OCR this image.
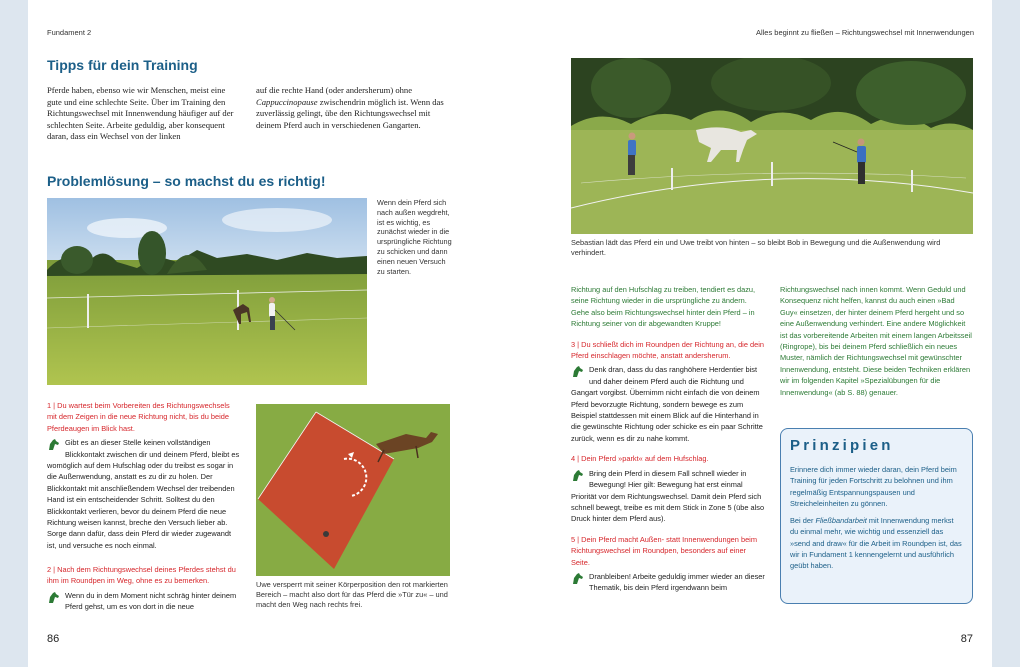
Fundament 2
Tipps für dein Training
Pferde haben, ebenso wie wir Menschen, meist eine gute und eine schlechte Seite. Über im Training den Richtungswechsel mit Innenwendung häufiger auf der schlechten Seite. Arbeite geduldig, aber konsequent daran, dass ein Wechsel von der linken
auf die rechte Hand (oder andersherum) ohne Cappuccinopause zwischendrin möglich ist. Wenn das zuverlässig gelingt, übe den Richtungswechsel mit deinem Pferd auch in verschiedenen Gangarten.
Problemlösung – so machst du es richtig!
Wenn dein Pferd sich nach außen wegdreht, ist es wichtig, es zunächst wieder in die ursprüngliche Richtung zu schicken und dann einen neuen Versuch zu starten.

1 | Du wartest beim Vorbereiten des Richtungswechsels mit dem Zeigen in die neue Richtung nicht, bis du beide Pferdeaugen im Blick hast.

Gibt es an dieser Stelle keinen vollständigen Blickkontakt zwischen dir und deinem Pferd, bleibt es womöglich auf dem Hufschlag oder du treibst es sogar in die Außenwendung, anstatt es zu dir zu holen. Der Blickkontakt mit anschließendem Wechsel der treibenden Hand ist ein entscheidender Schritt. Solltest du den Blickkontakt verlieren, bevor du deinem Pferd die neue Richtung weisen kannst, breche den Versuch lieber ab. Sorge dann dafür, dass dein Pferd dir wieder zugewandt ist, und versuche es noch einmal.

2 | Nach dem Richtungswechsel deines Pferdes stehst du ihm im Roundpen im Weg, ohne es zu bemerken.

Wenn du in dem Moment nicht schräg hinter deinem Pferd gehst, um es von dort in die neue

Uwe versperrt mit seiner Körperposition den rot markierten Bereich – macht also dort für das Pferd die »Tür zu« – und macht den Weg nach rechts frei.
86
Alles beginnt zu fließen – Richtungswechsel mit Innenwendungen
Sebastian lädt das Pferd ein und Uwe treibt von hinten – so bleibt Bob in Bewegung und die Außenwendung wird verhindert.

Richtung auf den Hufschlag zu treiben, tendiert es dazu, seine Richtung wieder in die ursprüngliche zu ändern. Gehe also beim Richtungswechsel hinter dein Pferd – in Richtung seiner von dir abgewandten Kruppe!

3 | Du schließt dich im Roundpen der Richtung an, die dein Pferd einschlagen möchte, anstatt andersherum.

Denk dran, dass du das ranghöhere Herdentier bist und daher deinem Pferd auch die Richtung und Gangart vorgibst. Übernimm nicht einfach die von deinem Pferd bevorzugte Richtung, sondern bewege es zum Beispiel stattdessen mit einem Blick auf die Hinterhand in die gewünschte Richtung oder schicke es ein paar Schritte zurück, wenn es dir zu nahe kommt.

4 | Dein Pferd »parkt« auf dem Hufschlag.

Bring dein Pferd in diesem Fall schnell wieder in Bewegung! Hier gilt: Bewegung hat erst einmal Priorität vor dem Richtungswechsel. Damit dein Pferd sich schnell bewegt, treibe es mit dem Stick in Zone 5 (übe also Druck hinter dem Pferd aus).

5 | Dein Pferd macht Außen- statt Innenwendungen beim Richtungswechsel im Roundpen, besonders auf einer Seite.

Dranbleiben! Arbeite geduldig immer wieder an dieser Thematik, bis dein Pferd irgendwann beim

Richtungswechsel nach innen kommt. Wenn Geduld und Konsequenz nicht helfen, kannst du auch einen »Bad Guy« einsetzen, der hinter deinem Pferd hergeht und so eine Außenwendung verhindert. Eine andere Möglichkeit ist das vorbereitende Arbeiten mit einem langen Arbeitsseil (Ringrope), bis bei deinem Pferd schließlich ein neues Muster, nämlich der Richtungswechsel mit gewünschter Innenwendung, entsteht. Diese beiden Techniken erklären wir im folgenden Kapitel »Spezialübungen für die Innenwendung« (ab S. 88) genauer.
Prinzipien

Erinnere dich immer wieder daran, dein Pferd beim Training für jeden Fortschritt zu belohnen und ihm regelmäßig Entspannungspausen und Streicheleinheiten zu gönnen.

Bei der Fließbandarbeit mit Innenwendung merkst du einmal mehr, wie wichtig und essenziell das »send and draw« für die Arbeit im Roundpen ist, das wir in Fundament 1 kennengelernt und ausführlich geübt haben.

87
